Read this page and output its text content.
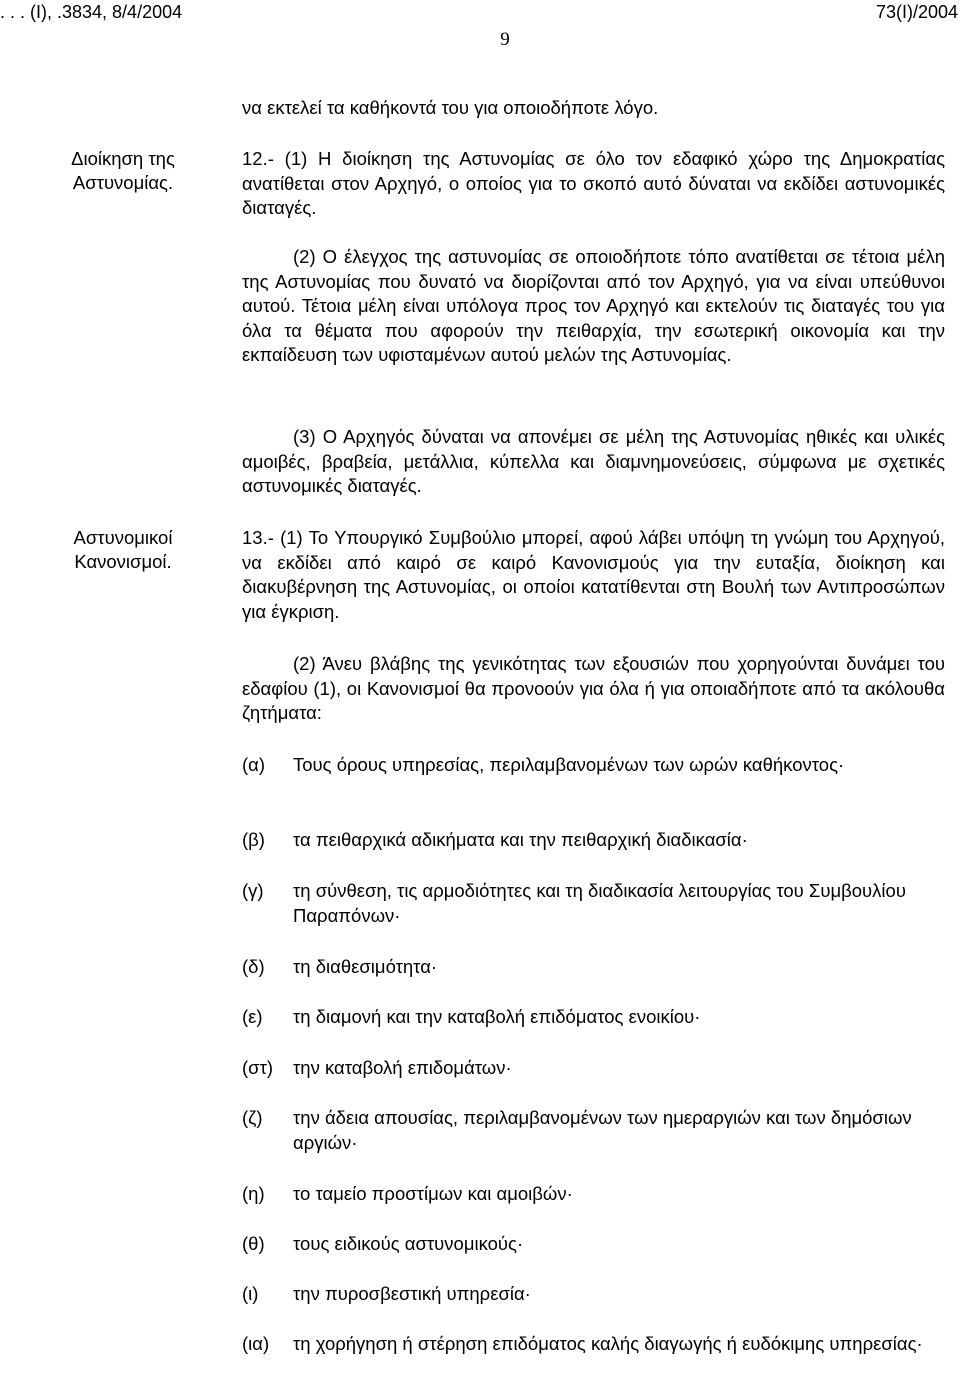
. . . (Ι), .3834, 8/4/2004	73(Ι)/2004
9
να εκτελεί τα καθήκοντά του για οποιοδήποτε λόγο.
Διοίκηση της Αστυνομίας.
Αστυνομικοί Κανονισμοί.

12.- (1) Η διοίκηση της Αστυνομίας σε όλο τον εδαφικό χώρο της Δημοκρατίας ανατίθεται στον Αρχηγό, ο οποίος για το σκοπό αυτό δύναται να εκδίδει αστυνομικές διαταγές.

(2) Ο έλεγχος της αστυνομίας σε οποιοδήποτε τόπο ανατίθεται σε τέτοια μέλη της Αστυνομίας που δυνατό να διορίζονται από τον Αρχηγό, για να είναι υπεύθυνοι αυτού. Τέτοια μέλη είναι υπόλογα προς τον Αρχηγό και εκτελούν τις διαταγές του για όλα τα θέματα που αφορούν την πειθαρχία, την εσωτερική οικονομία και την εκπαίδευση των υφισταμένων αυτού μελών της Αστυνομίας.

(3) Ο Αρχηγός δύναται να απονέμει σε μέλη της Αστυνομίας ηθικές και υλικές αμοιβές, βραβεία, μετάλλια, κύπελλα και διαμνημονεύσεις, σύμφωνα με σχετικές αστυνομικές διαταγές.

13.- (1) Το Υπουργικό Συμβούλιο μπορεί, αφού λάβει υπόψη τη γνώμη του Αρχηγού, να εκδίδει από καιρό σε καιρό Κανονισμούς για την ευταξία, διοίκηση και διακυβέρνηση της Αστυνομίας, οι οποίοι κατατίθενται στη Βουλή των Αντιπροσώπων για έγκριση.

(2) Άνευ βλάβης της γενικότητας των εξουσιών που χορηγούνται δυνάμει του εδαφίου (1), οι Κανονισμοί θα προνοούν για όλα ή για οποιαδήποτε από τα ακόλουθα ζητήματα:

(α) Τους όρους υπηρεσίας, περιλαμβανομένων των ωρών καθήκοντος·
(β) τα πειθαρχικά αδικήματα και την πειθαρχική διαδικασία·
(γ) τη σύνθεση, τις αρμοδιότητες και τη διαδικασία λειτουργίας του Συμβουλίου Παραπόνων·
(δ) τη διαθεσιμότητα·
(ε) τη διαμονή και την καταβολή επιδόματος ενοικίου·
(στ) την καταβολή επιδομάτων·
(ζ) την άδεια απουσίας, περιλαμβανομένων των ημεραργιών και των δημόσιων αργιών·
(η) το ταμείο προστίμων και αμοιβών·
(θ) τους ειδικούς αστυνομικούς·
(ι) την πυροσβεστική υπηρεσία·
(ια) τη χορήγηση ή στέρηση επιδόματος καλής διαγωγής ή ευδόκιμης υπηρεσίας·
